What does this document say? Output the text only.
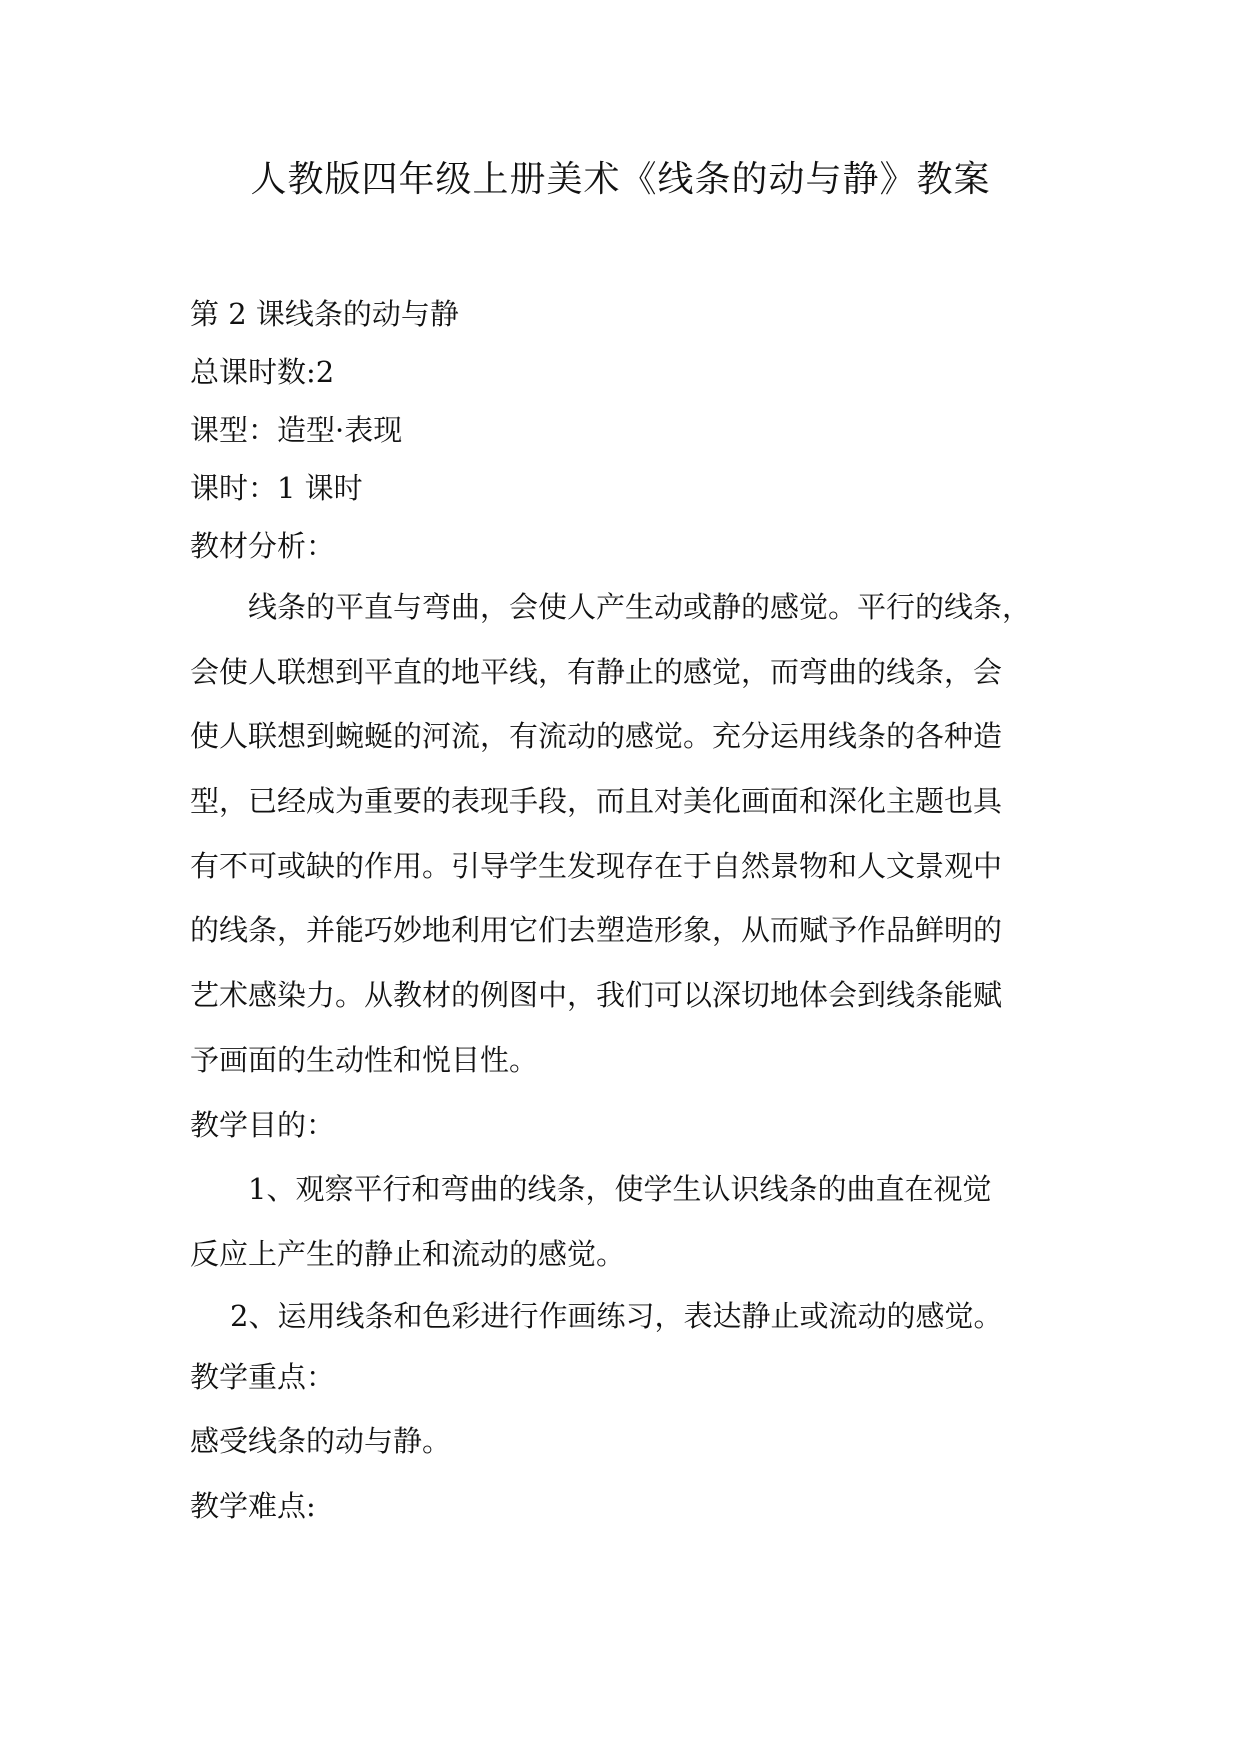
人教版四年级上册美术《线条的动与静》教案
第 2 课线条的动与静
总课时数:2
课型：造型·表现
课时：1 课时
教材分析：
线条的平直与弯曲，会使人产生动或静的感觉。平行的线条，
会使人联想到平直的地平线，有静止的感觉，而弯曲的线条，会
使人联想到蜿蜒的河流，有流动的感觉。充分运用线条的各种造
型，已经成为重要的表现手段，而且对美化画面和深化主题也具
有不可或缺的作用。引导学生发现存在于自然景物和人文景观中
的线条，并能巧妙地利用它们去塑造形象，从而赋予作品鲜明的
艺术感染力。从教材的例图中，我们可以深切地体会到线条能赋
予画面的生动性和悦目性。
教学目的：
1、观察平行和弯曲的线条，使学生认识线条的曲直在视觉
反应上产生的静止和流动的感觉。
2、运用线条和色彩进行作画练习，表达静止或流动的感觉。
教学重点：
感受线条的动与静。
教学难点:
